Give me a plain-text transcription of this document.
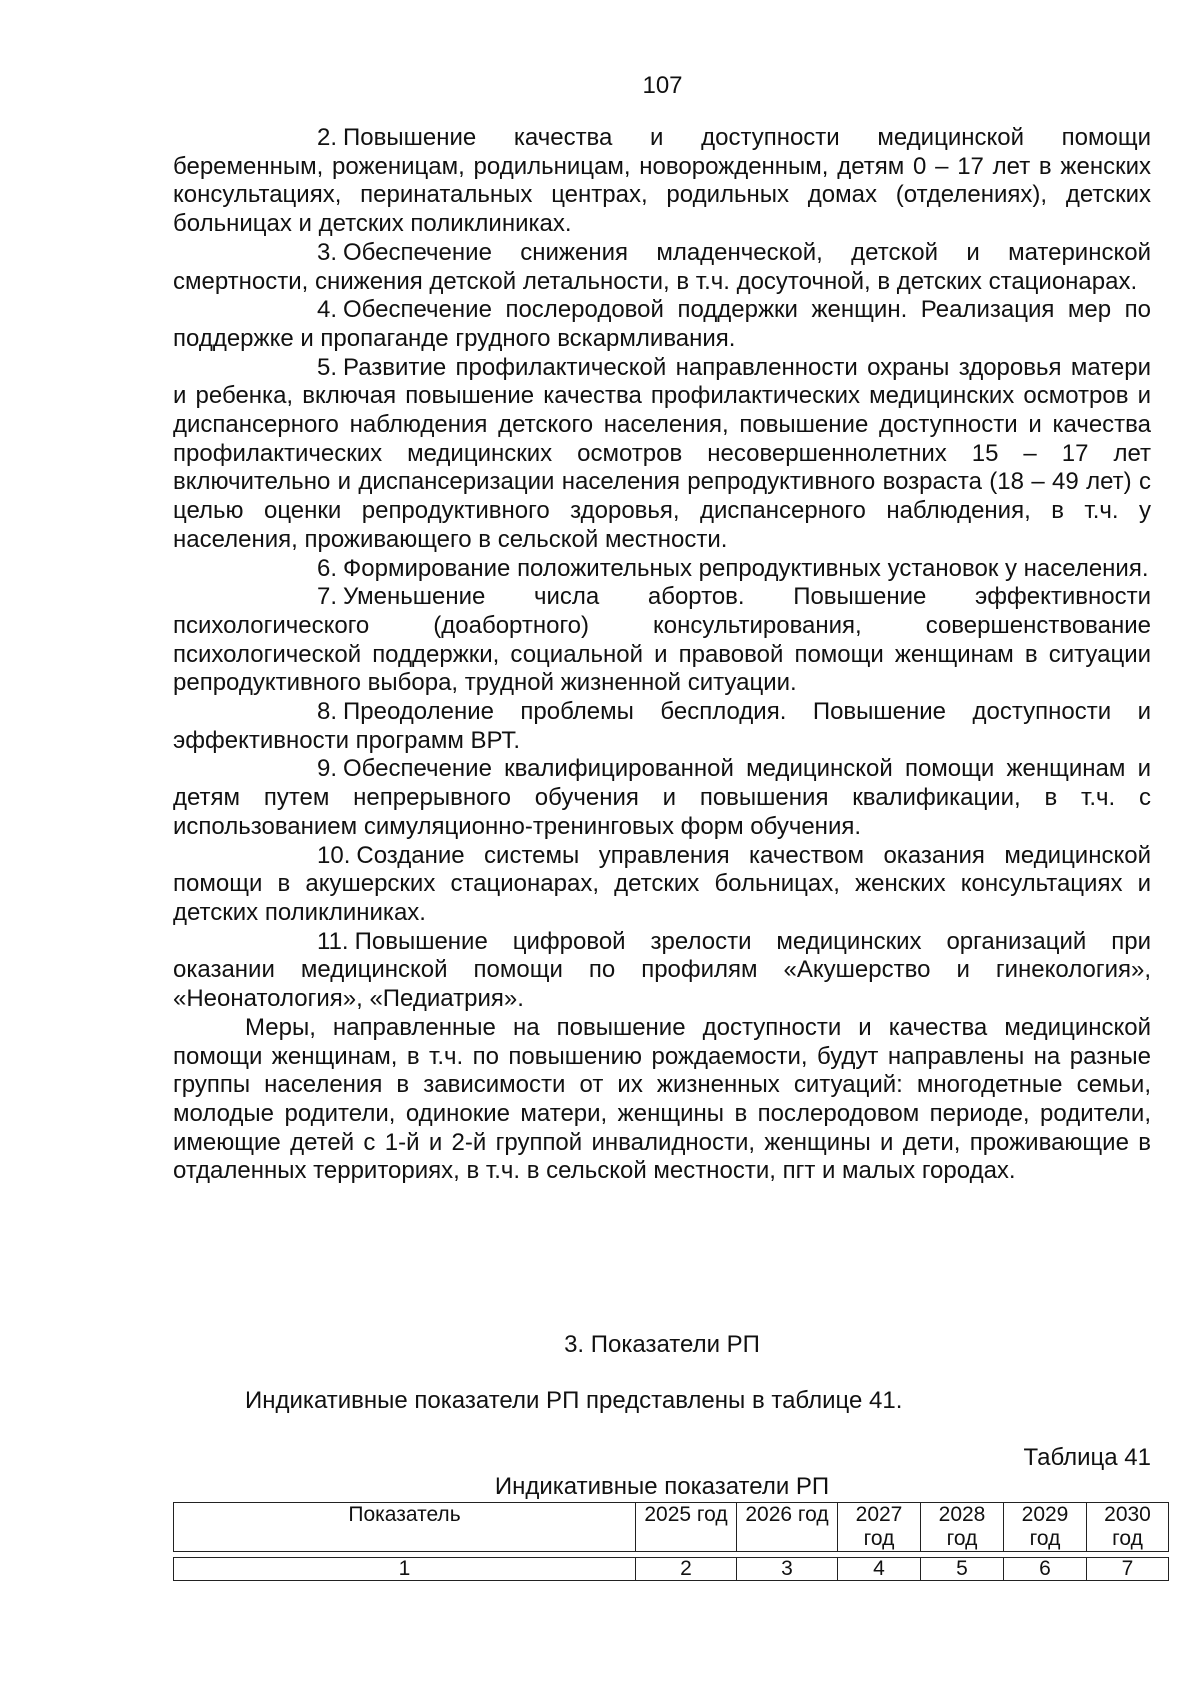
107

2. Повышение качества и доступности медицинской помощи беременным, роженицам, родильницам, новорожденным, детям 0 – 17 лет в женских консультациях, перинатальных центрах, родильных домах (отделениях), детских больницах и детских поликлиниках.

3. Обеспечение снижения младенческой, детской и материнской смертности, снижения детской летальности, в т.ч. досуточной, в детских стационарах.

4. Обеспечение послеродовой поддержки женщин. Реализация мер по поддержке и пропаганде грудного вскармливания.

5. Развитие профилактической направленности охраны здоровья матери и ребенка, включая повышение качества профилактических медицинских осмотров и диспансерного наблюдения детского населения, повышение доступности и качества профилактических медицинских осмотров несовершеннолетних 15 – 17 лет включительно и диспансеризации населения репродуктивного возраста (18 – 49 лет) с целью оценки репродуктивного здоровья, диспансерного наблюдения, в т.ч. у населения, проживающего в сельской местности.

6. Формирование положительных репродуктивных установок у населения.

7. Уменьшение числа абортов. Повышение эффективности психологического (доабортного) консультирования, совершенствование психологической поддержки, социальной и правовой помощи женщинам в ситуации репродуктивного выбора, трудной жизненной ситуации.

8. Преодоление проблемы бесплодия. Повышение доступности и эффективности программ ВРТ.

9. Обеспечение квалифицированной медицинской помощи женщинам и детям путем непрерывного обучения и повышения квалификации, в т.ч. с использованием симуляционно-тренинговых форм обучения.

10. Создание системы управления качеством оказания медицинской помощи в акушерских стационарах, детских больницах, женских консультациях и детских поликлиниках.

11. Повышение цифровой зрелости медицинских организаций при оказании медицинской помощи по профилям «Акушерство и гинекология», «Неонатология», «Педиатрия».

Меры, направленные на повышение доступности и качества медицинской помощи женщинам, в т.ч. по повышению рождаемости, будут направлены на разные группы населения в зависимости от их жизненных ситуаций: многодетные семьи, молодые родители, одинокие матери, женщины в послеродовом периоде, родители, имеющие детей с 1-й и 2-й группой инвалидности, женщины и дети, проживающие в отдаленных территориях, в т.ч. в сельской местности, пгт и малых городах.

3. Показатели РП
Индикативные показатели РП представлены в таблице 41.
Таблица 41
Индикативные показатели РП
Показатель	2025 год	2026 год	2027 год	2028 год	2029 год	2030 год
1	2	3	4	5	6	7
